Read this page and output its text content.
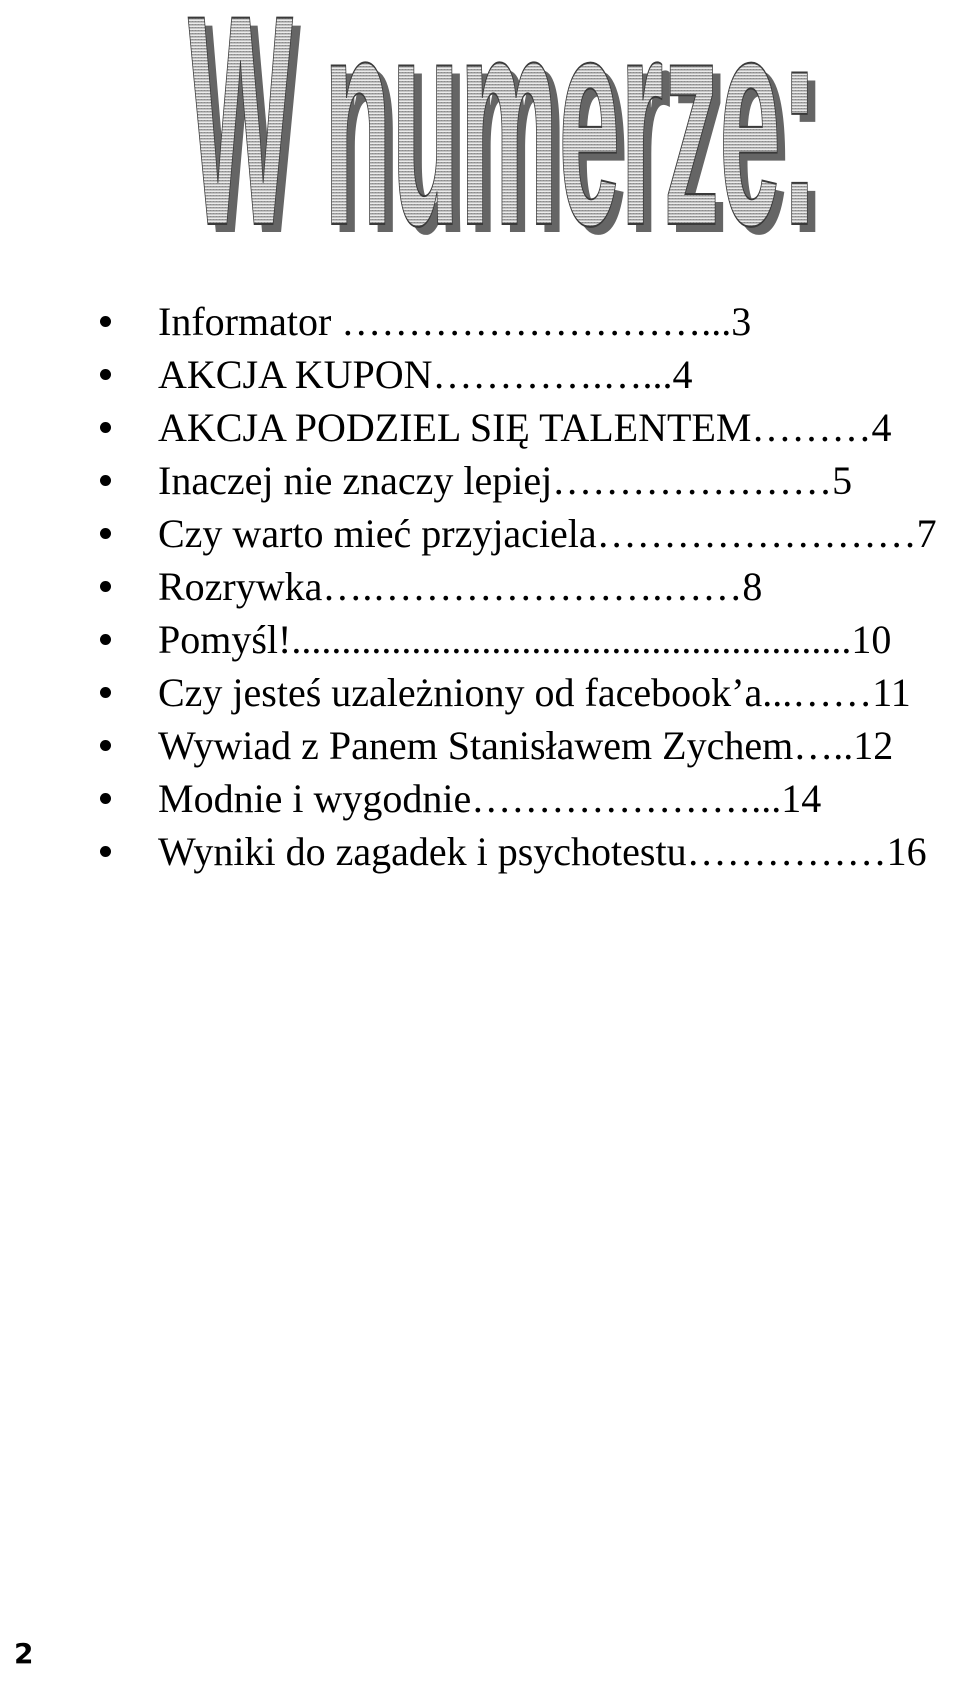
W numerze:
W numerze:
Informator ………………………...3
AKCJA KUPON………….…...4
AKCJA PODZIEL SIĘ TALENTEM………4
Inaczej nie znaczy lepiej…………………5
Czy warto mieć przyjaciela……………………7
Rozrywka….………………….……8
Pomyśl!........................................................10
Czy jesteś uzależniony od facebook’a...……11
Wywiad z Panem Stanisławem Zychem…..12
Modnie i wygodnie…………………...14
Wyniki do zagadek i psychotestu……………16
2
